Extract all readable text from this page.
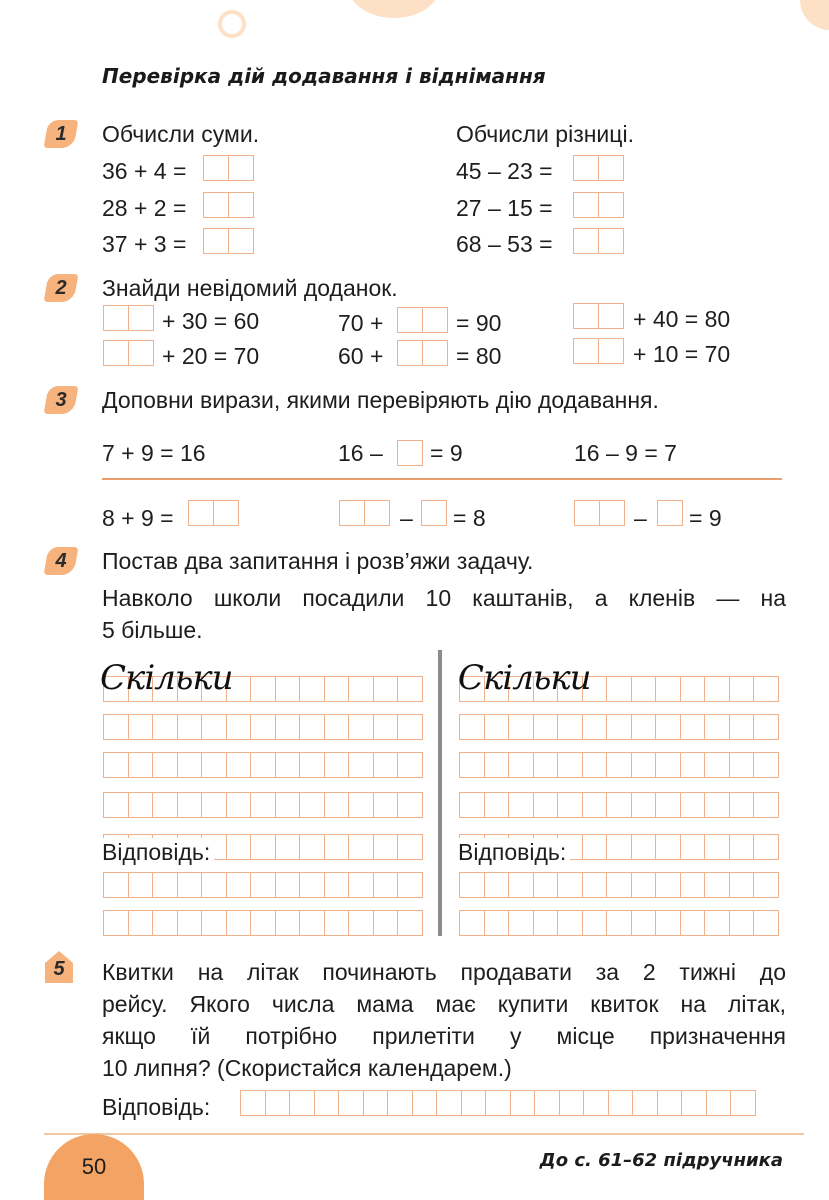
Перевірка дій додавання і віднімання
1	Обчисли суми.	Обчисли різниці.
36 + 4 =
28 + 2 =
37 + 3 =
45 – 23 =
27 – 15 =
68 – 53 =
2	Знайди невідомий доданок.
+ 30 = 60	70 +	= 90	+ 40 = 80
+ 20 = 70	60 +	= 80	+ 10 = 70
3	Доповни вирази, якими перевіряють дію додавання.
7 + 9 = 16	16 – = 9	16 – 9 = 7
8 + 9 =	– = 8	– = 9
4	Постав два запитання і розв’яжи задачу.
Навколо школи посадили 10 каштанів, а кленів — на
5 більше.
Скільки	Скільки
Відповідь:	Відповідь:
5	Квитки на літак починають продавати за 2 тижні до
рейсу. Якого числа мама має купити квиток на літак,
якщо їй потрібно прилетіти у місце призначення
10 липня? (Скористайся календарем.)
Відповідь:
50	До с. 61–62 підручника
